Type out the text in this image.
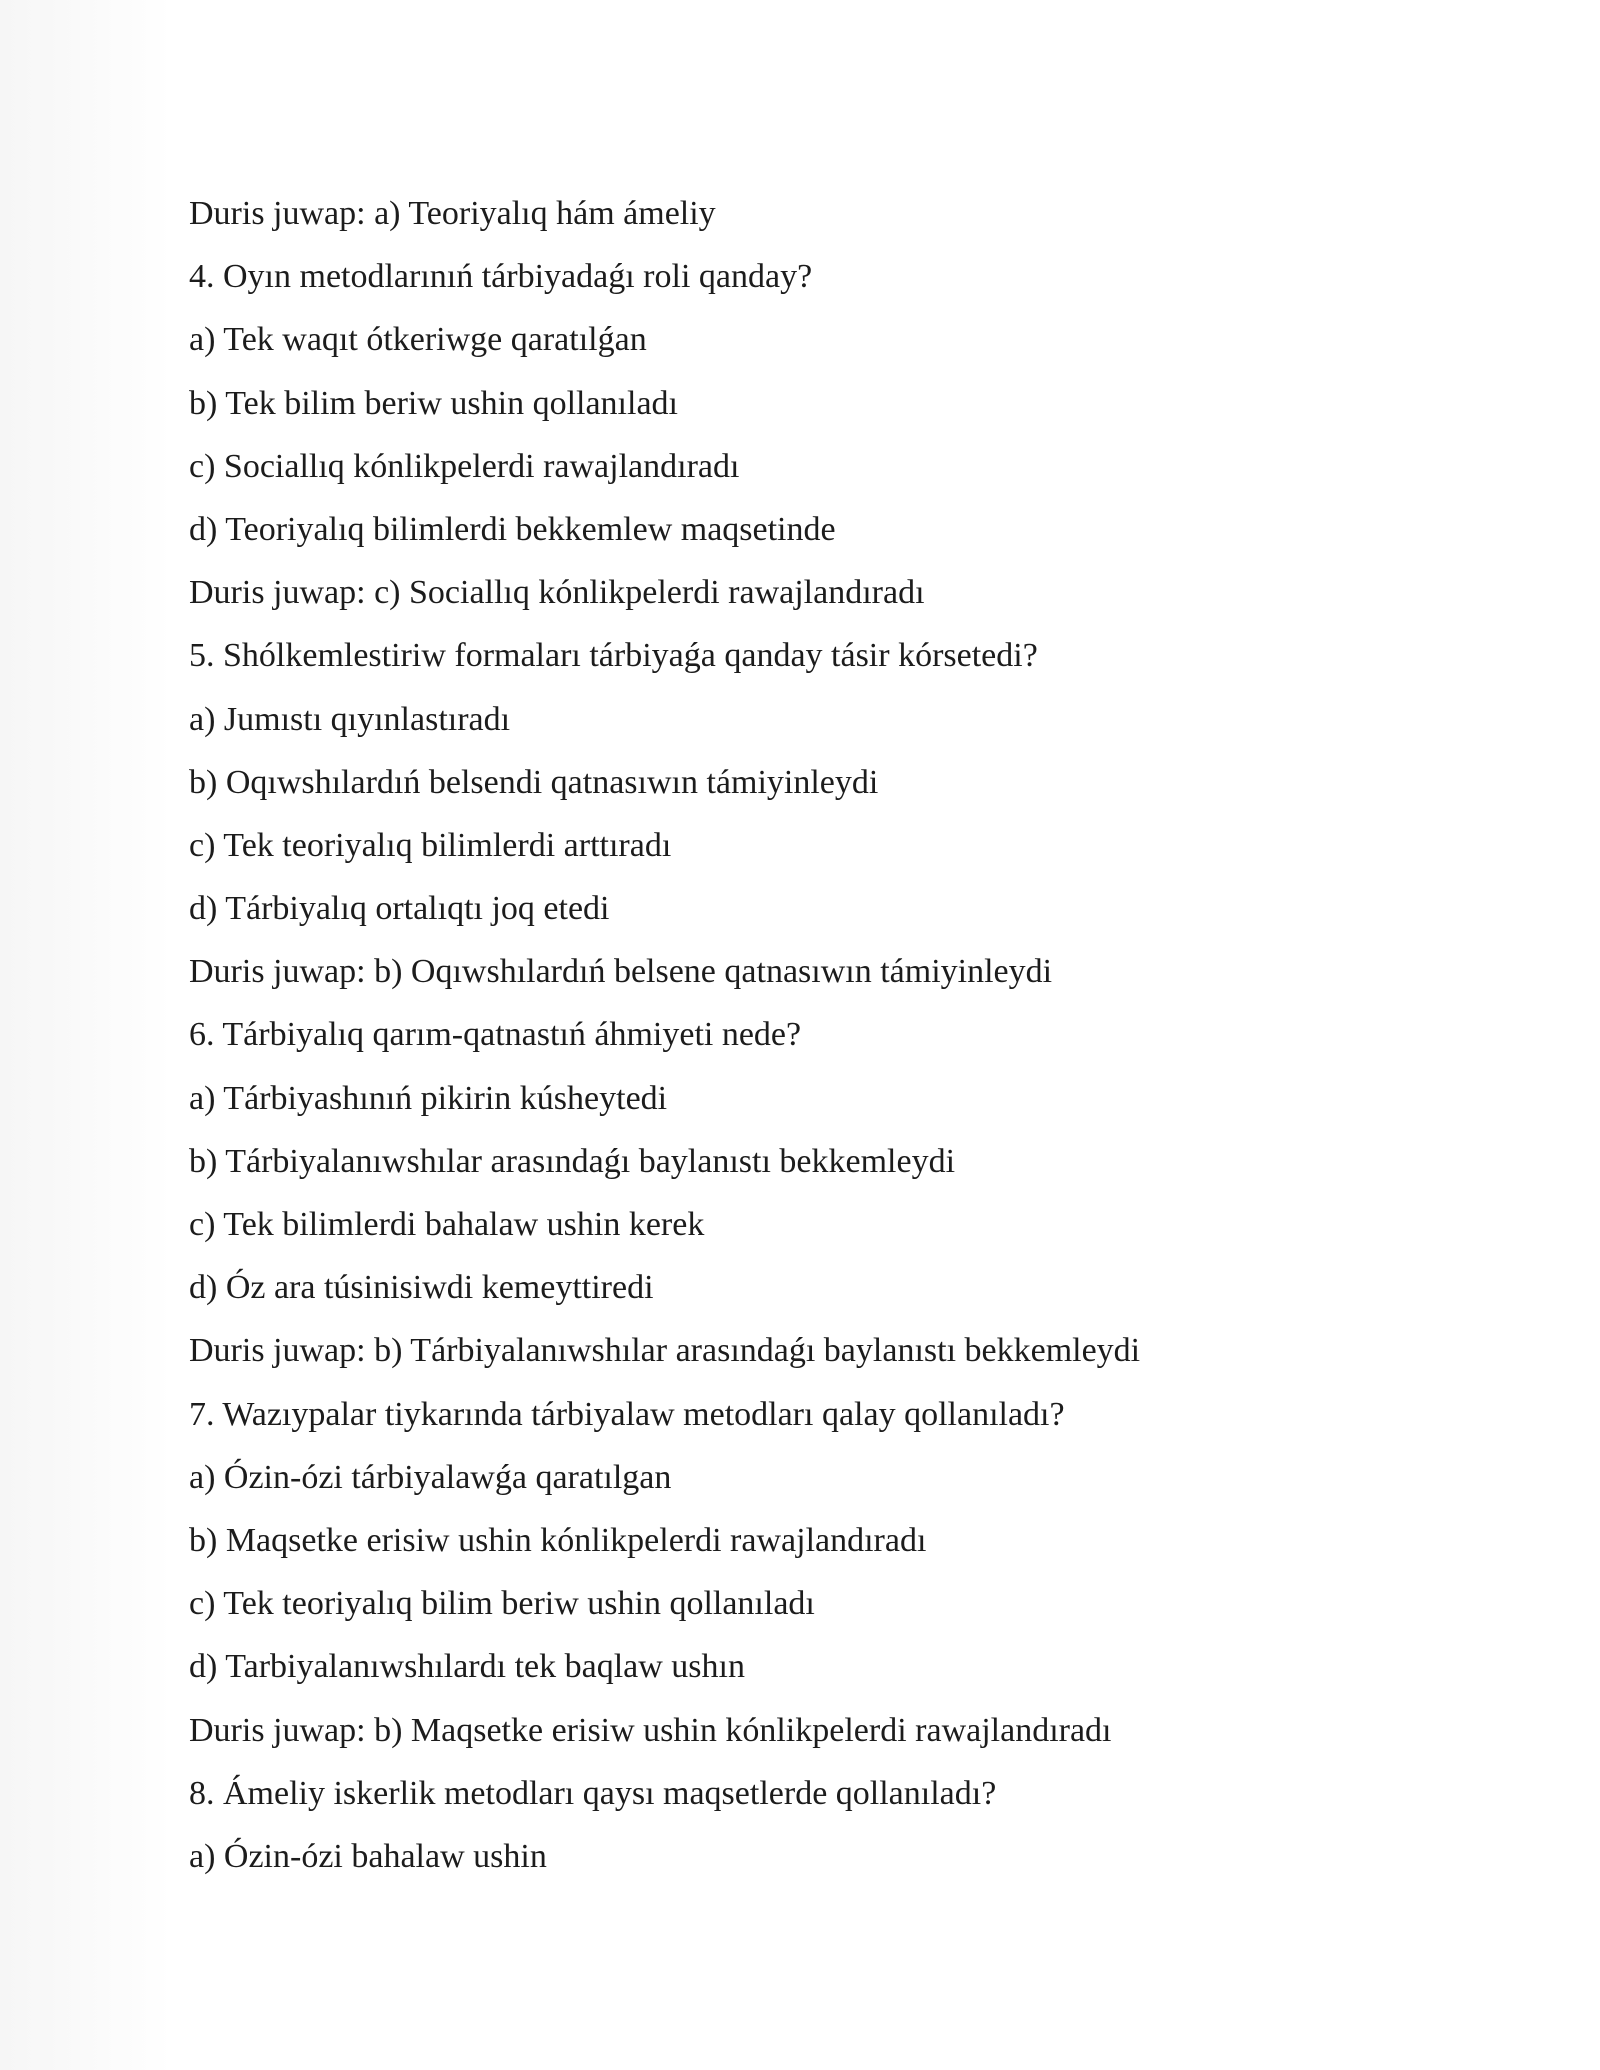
Duris juwap: a) Teoriyalıq hám ámeliy
4. Oyın metodlarınıń tárbiyadaǵı roli qanday?
a) Tek waqıt ótkeriwge qaratılǵan
b) Tek bilim beriw ushin qollanıladı
c) Sociallıq kónlikpelerdi rawajlandıradı
d) Teoriyalıq bilimlerdi bekkemlew maqsetinde
Duris juwap: c) Sociallıq kónlikpelerdi rawajlandıradı
5. Shólkemlestiriw formaları tárbiyaǵa qanday tásir kórsetedi?
a) Jumıstı qıyınlastıradı
b) Oqıwshılardıń belsendi qatnasıwın támiyinleydi
c) Tek teoriyalıq bilimlerdi arttıradı
d) Tárbiyalıq ortalıqtı joq etedi
Duris juwap: b) Oqıwshılardıń belsene qatnasıwın támiyinleydi
6. Tárbiyalıq qarım-qatnastıń áhmiyeti nede?
a) Tárbiyashınıń pikirin kúsheytedi
b) Tárbiyalanıwshılar arasındaǵı baylanıstı bekkemleydi
c) Tek bilimlerdi bahalaw ushin kerek
d) Óz ara túsinisiwdi kemeyttiredi
Duris juwap: b) Tárbiyalanıwshılar arasındaǵı baylanıstı bekkemleydi
7. Wazıypalar tiykarında tárbiyalaw metodları qalay qollanıladı?
a) Ózin-ózi tárbiyalawǵa qaratılgan
b) Maqsetke erisiw ushin kónlikpelerdi rawajlandıradı
c) Tek teoriyalıq bilim beriw ushin qollanıladı
d) Tarbiyalanıwshılardı tek baqlaw ushın
Duris juwap: b) Maqsetke erisiw ushin kónlikpelerdi rawajlandıradı
8. Ámeliy iskerlik metodları qaysı maqsetlerde qollanıladı?
a) Ózin-ózi bahalaw ushin
